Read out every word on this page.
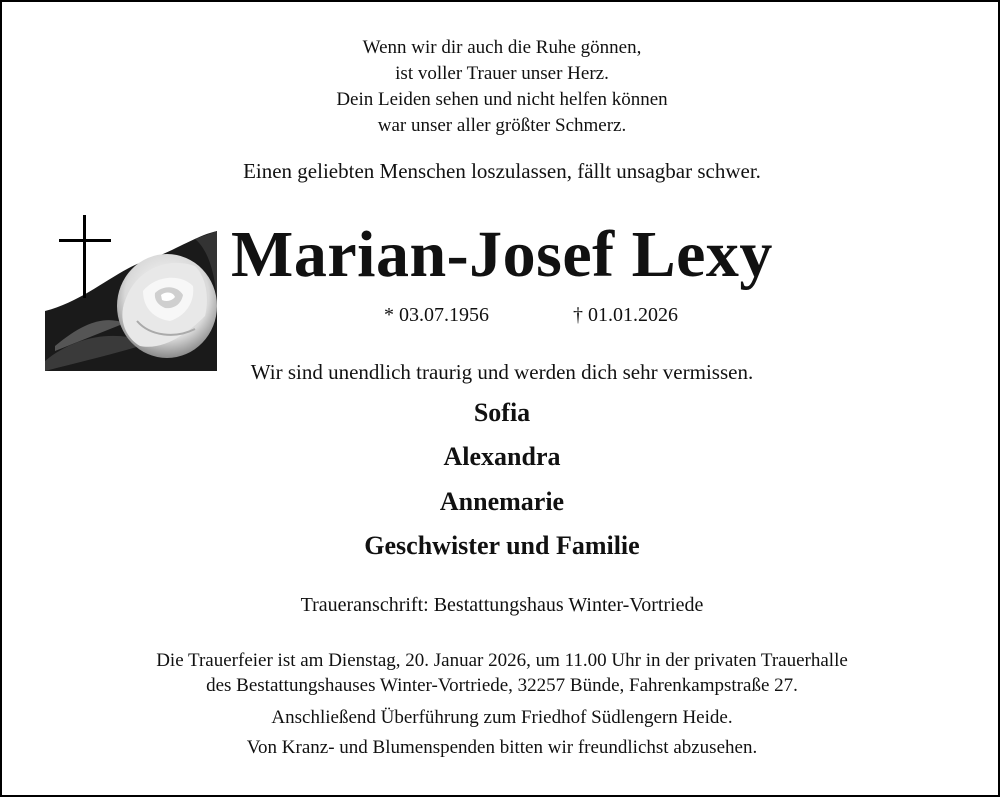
Wenn wir dir auch die Ruhe gönnen,
ist voller Trauer unser Herz.
Dein Leiden sehen und nicht helfen können
war unser aller größter Schmerz.
Einen geliebten Menschen loszulassen, fällt unsagbar schwer.
Marian-Josef Lexy
* 03.07.1956	† 01.01.2026
Wir sind unendlich traurig und werden dich sehr vermissen.
Sofia
Alexandra
Annemarie
Geschwister und Familie
Traueranschrift: Bestattungshaus Winter-Vortriede
Die Trauerfeier ist am Dienstag, 20. Januar 2026, um 11.00 Uhr in der privaten Trauerhalle
des Bestattungshauses Winter-Vortriede, 32257 Bünde, Fahrenkampstraße 27.
Anschließend Überführung zum Friedhof Südlengern Heide.
Von Kranz- und Blumenspenden bitten wir freundlichst abzusehen.
